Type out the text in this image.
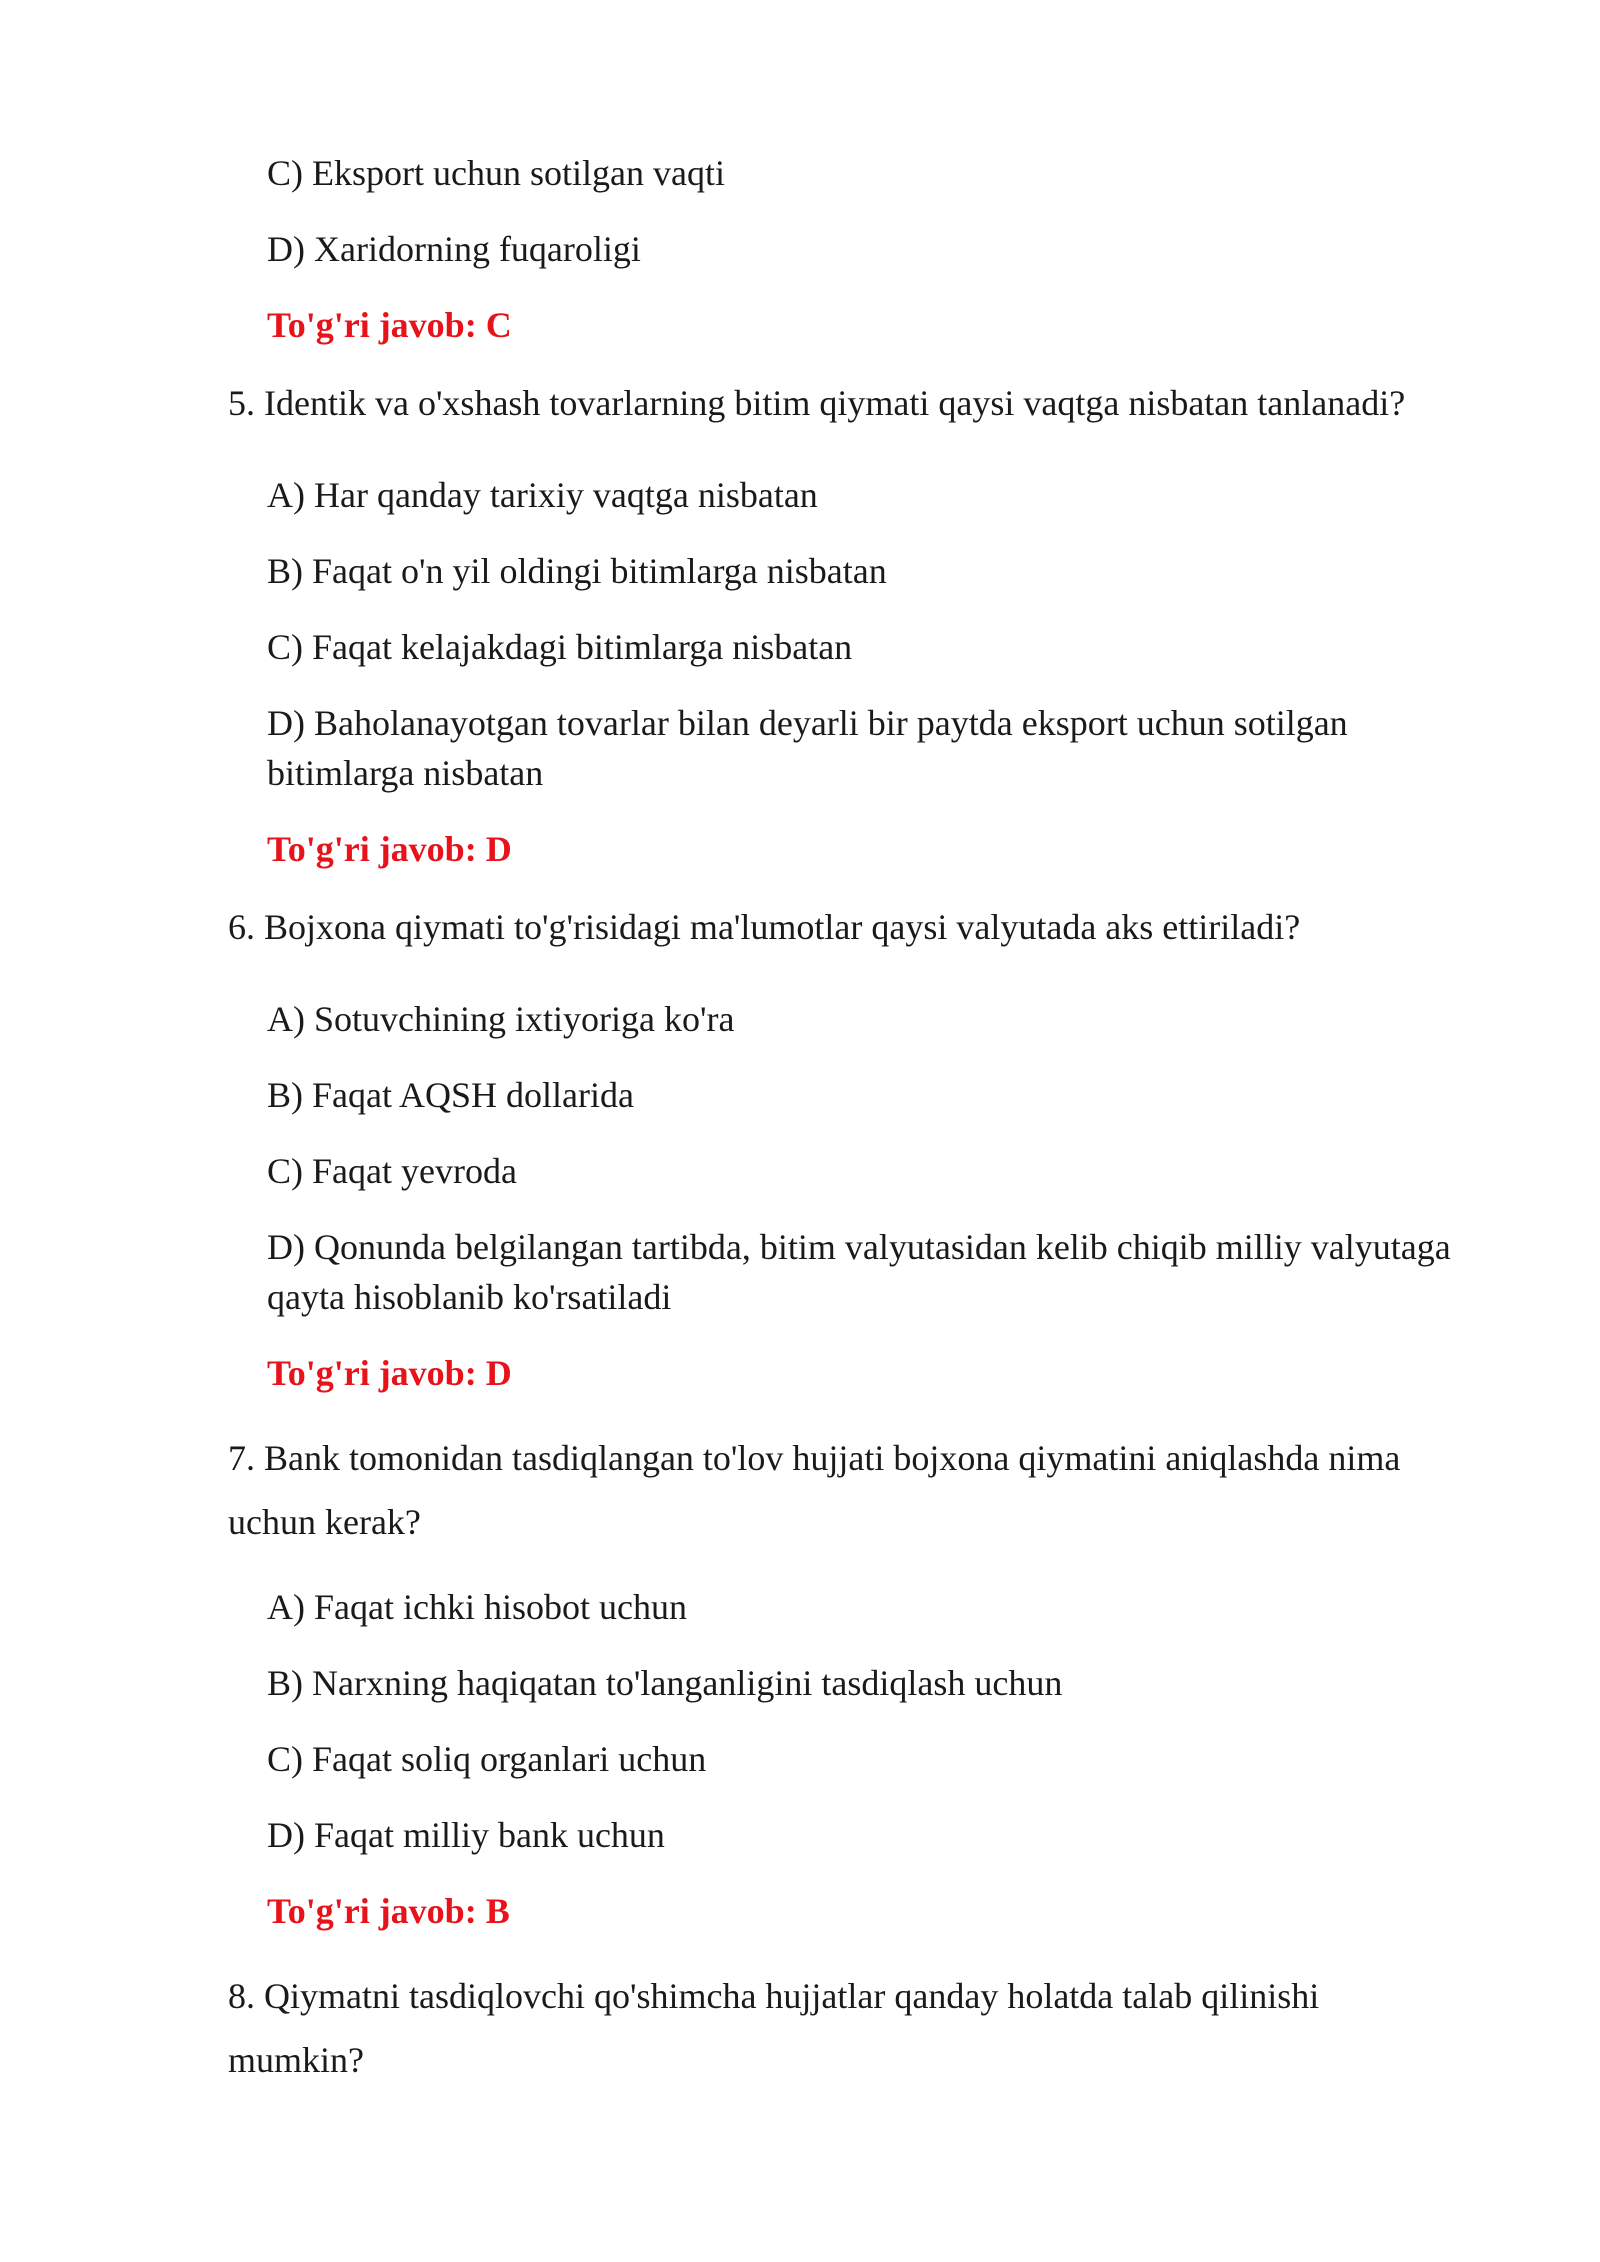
C) Eksport uchun sotilgan vaqti
D) Xaridorning fuqaroligi
To'g'ri javob: C
5. Identik va o'xshash tovarlarning bitim qiymati qaysi vaqtga nisbatan tanlanadi?
A) Har qanday tarixiy vaqtga nisbatan
B) Faqat o'n yil oldingi bitimlarga nisbatan
C) Faqat kelajakdagi bitimlarga nisbatan
D) Baholanayotgan tovarlar bilan deyarli bir paytda eksport uchun sotilgan bitimlarga nisbatan
To'g'ri javob: D
6. Bojxona qiymati to'g'risidagi ma'lumotlar qaysi valyutada aks ettiriladi?
A) Sotuvchining ixtiyoriga ko'ra
B) Faqat AQSH dollarida
C) Faqat yevroda
D) Qonunda belgilangan tartibda, bitim valyutasidan kelib chiqib milliy valyutaga qayta hisoblanib ko'rsatiladi
To'g'ri javob: D
7. Bank tomonidan tasdiqlangan to'lov hujjati bojxona qiymatini aniqlashda nima uchun kerak?
A) Faqat ichki hisobot uchun
B) Narxning haqiqatan to'langanligini tasdiqlash uchun
C) Faqat soliq organlari uchun
D) Faqat milliy bank uchun
To'g'ri javob: B
8. Qiymatni tasdiqlovchi qo'shimcha hujjatlar qanday holatda talab qilinishi mumkin?
